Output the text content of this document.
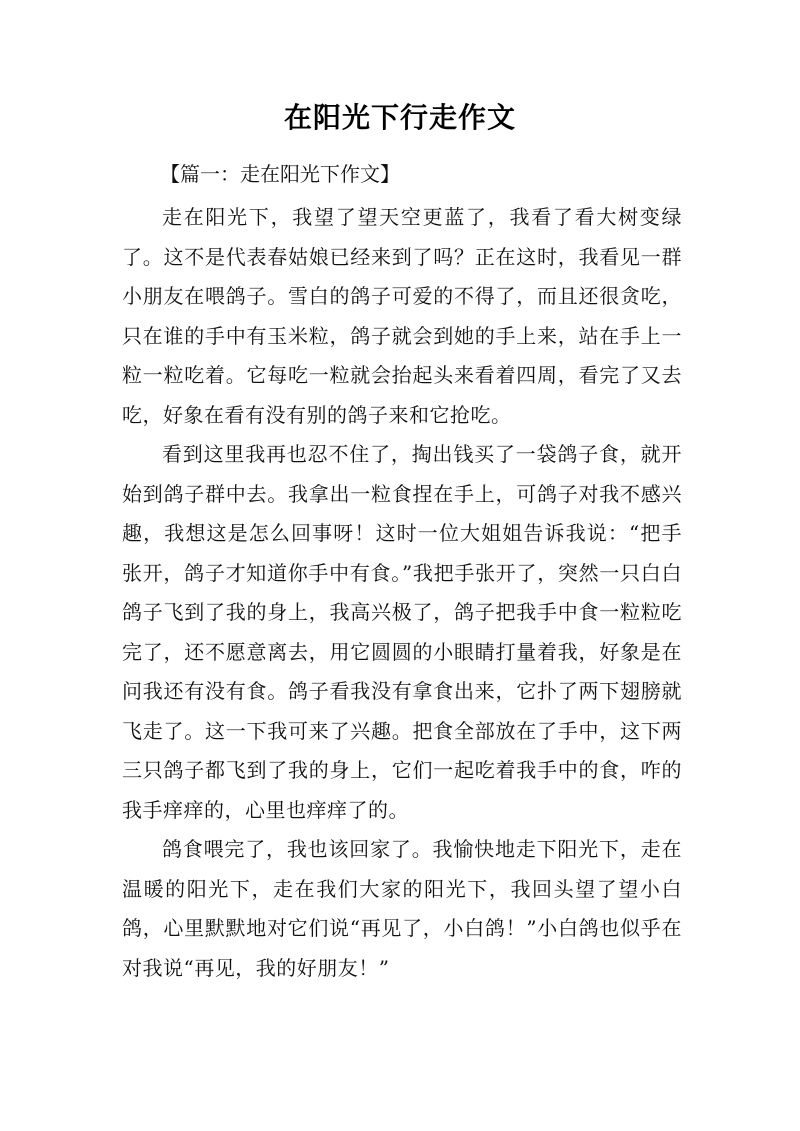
在阳光下行走作文
【篇一：走在阳光下作文】

走在阳光下，我望了望天空更蓝了，我看了看大树变绿了。这不是代表春姑娘已经来到了吗？正在这时，我看见一群小朋友在喂鸽子。雪白的鸽子可爱的不得了，而且还很贪吃，只在谁的手中有玉米粒，鸽子就会到她的手上来，站在手上一粒一粒吃着。它每吃一粒就会抬起头来看着四周，看完了又去吃，好象在看有没有别的鸽子来和它抢吃。

看到这里我再也忍不住了，掏出钱买了一袋鸽子食，就开始到鸽子群中去。我拿出一粒食捏在手上，可鸽子对我不感兴趣，我想这是怎么回事呀！这时一位大姐姐告诉我说：“把手张开，鸽子才知道你手中有食。”我把手张开了，突然一只白白鸽子飞到了我的身上，我高兴极了，鸽子把我手中食一粒粒吃完了，还不愿意离去，用它圆圆的小眼睛打量着我，好象是在问我还有没有食。鸽子看我没有拿食出来，它扑了两下翅膀就飞走了。这一下我可来了兴趣。把食全部放在了手中，这下两三只鸽子都飞到了我的身上，它们一起吃着我手中的食，咋的我手痒痒的，心里也痒痒了的。

鸽食喂完了，我也该回家了。我愉快地走下阳光下，走在温暖的阳光下，走在我们大家的阳光下，我回头望了望小白鸽，心里默默地对它们说“再见了，小白鸽！”小白鸽也似乎在对我说“再见，我的好朋友！”
